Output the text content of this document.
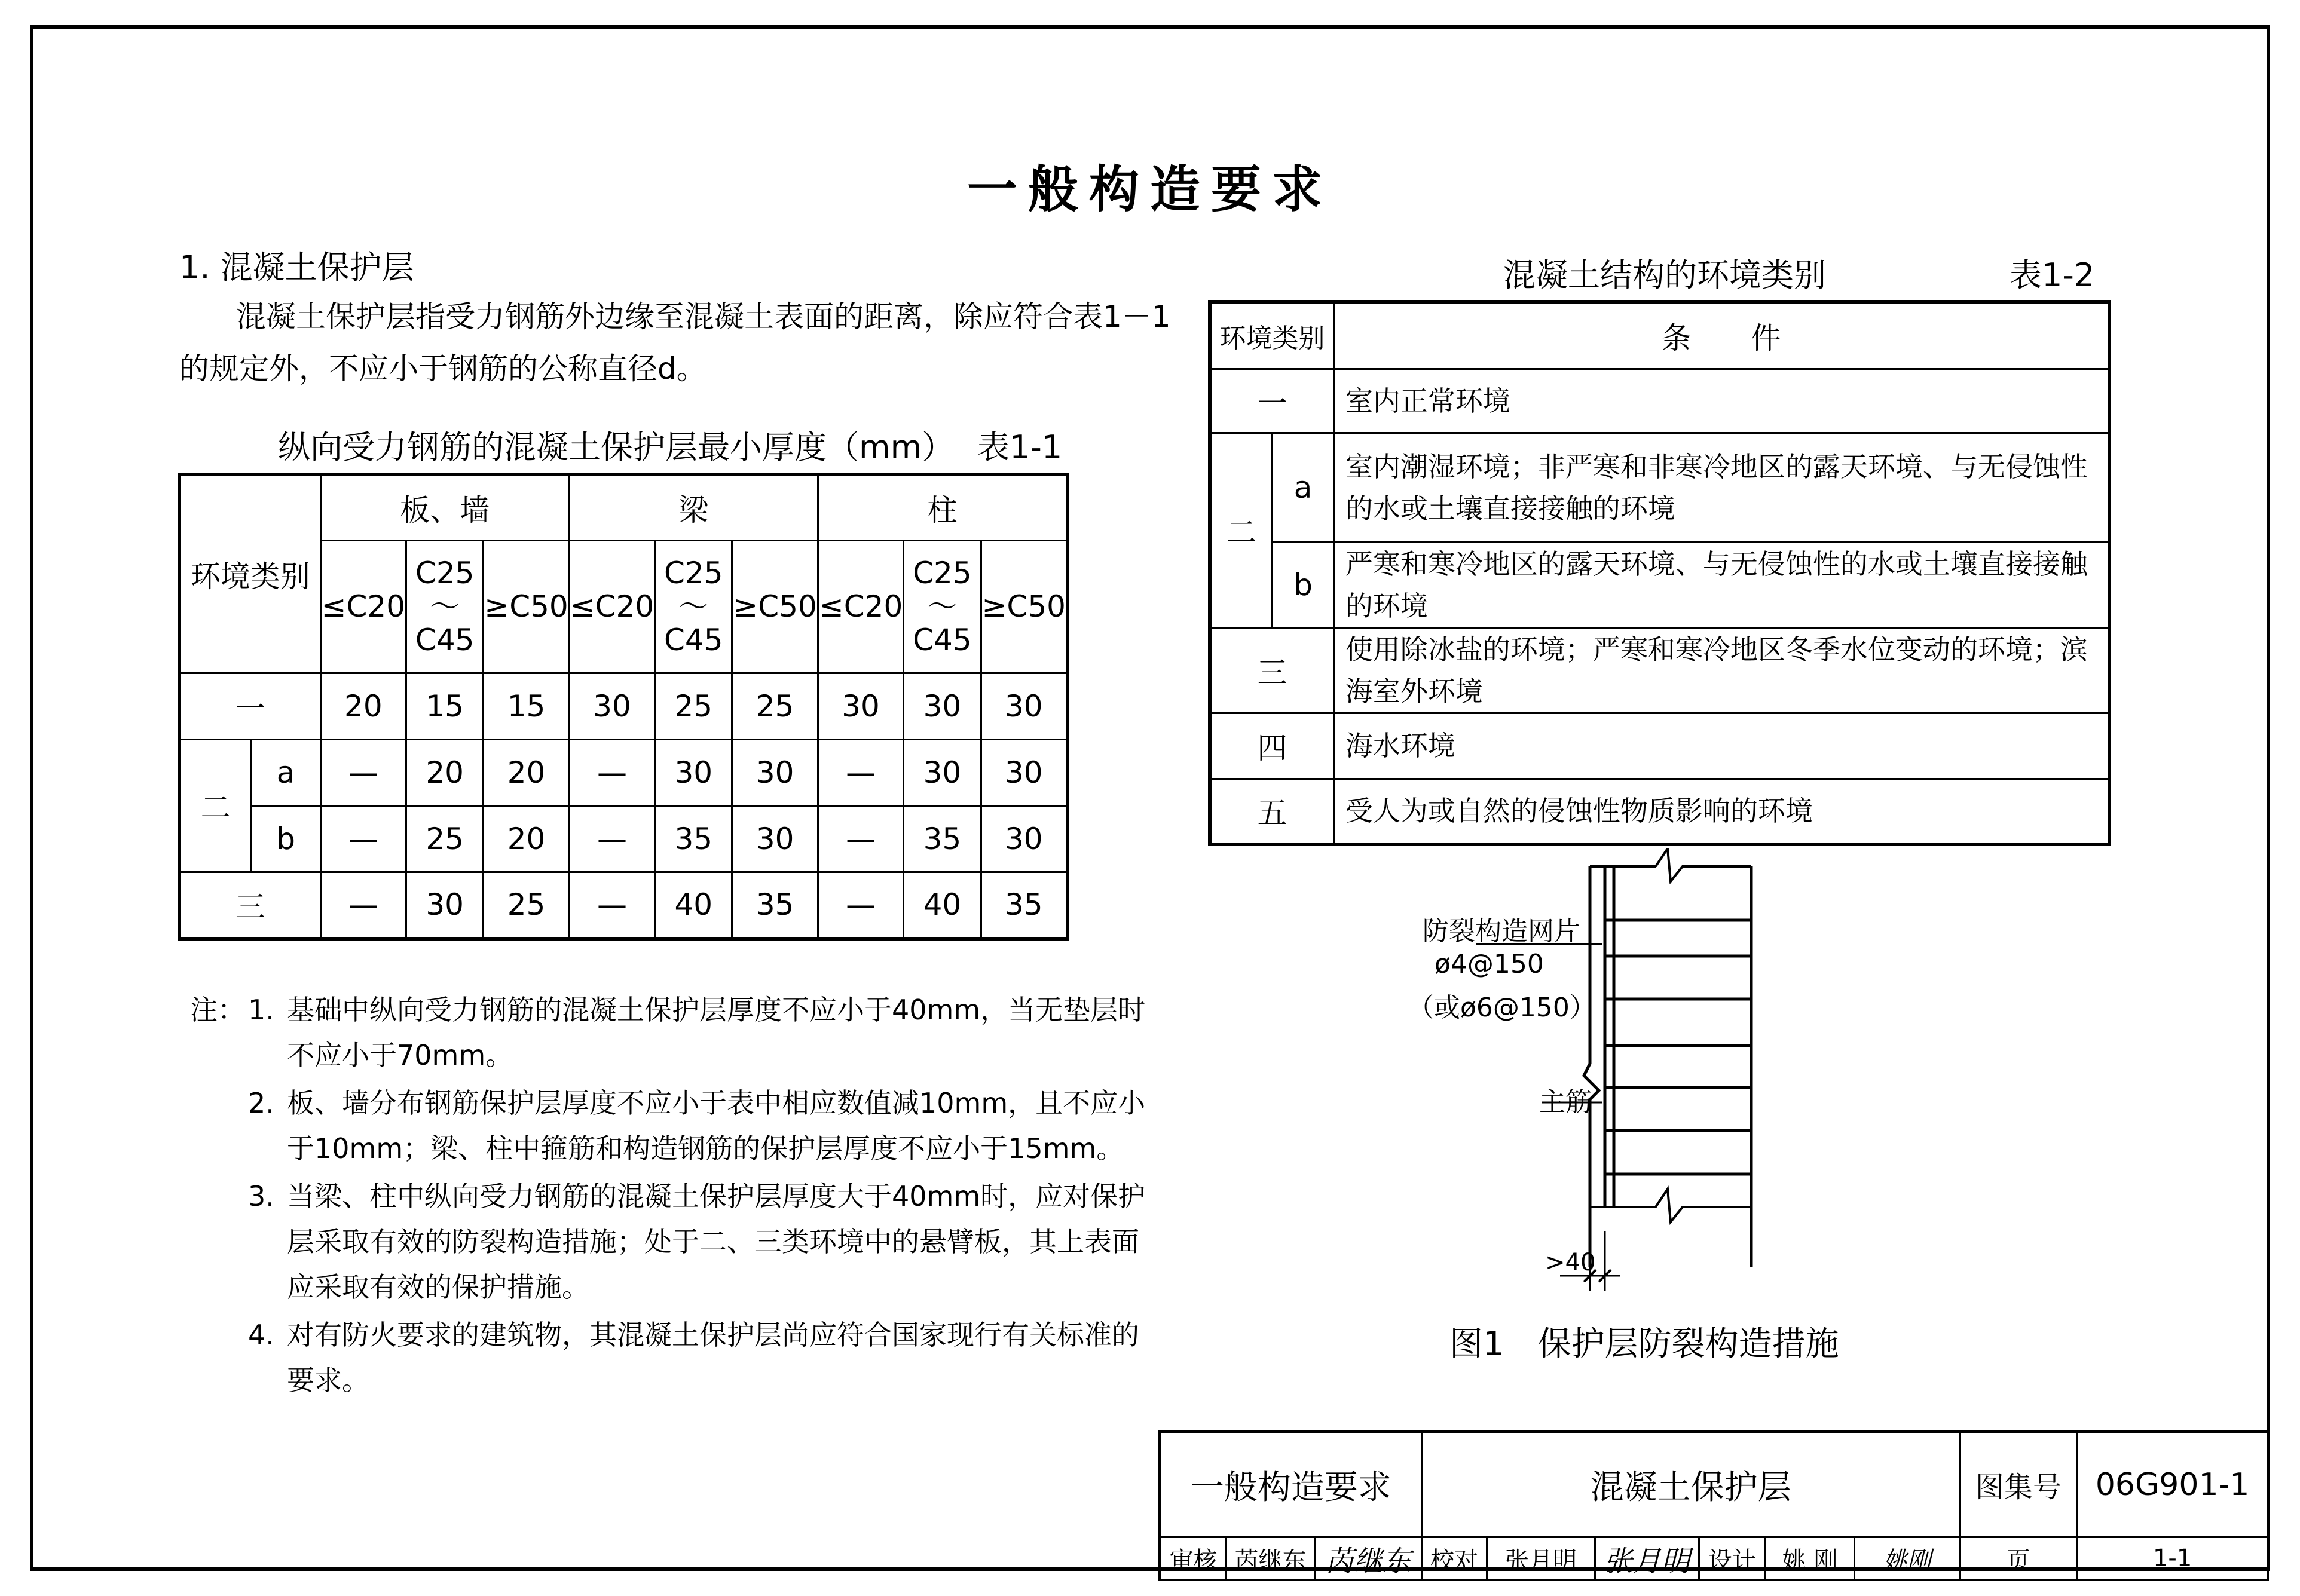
一般构造要求
1. 混凝土保护层
混凝土保护层指受力钢筋外边缘至混凝土表面的距离，除应符合表1－1
的规定外，不应小于钢筋的公称直径d。
纵向受力钢筋的混凝土保护层最小厚度（mm） 表1-1
环境类别		板、墙			梁			柱		
		≤C20	C25
～
C45	≥C50	≤C20	C25
～
C45	≥C50	≤C20	C25
～
C45	≥C50
一		20	15	15	30	25	25	30	30	30
二	a	—	20	20	—	30	30	—	30	30
	b	—	25	20	—	35	30	—	35	30
三		—	30	25	—	40	35	—	40	35
混凝土结构的环境类别	表1-2
环境类别		条　　件
一		室内正常环境
二	a	室内潮湿环境；非严寒和非寒冷地区的露天环境、与无侵蚀性的水或土壤直接接触的环境
	b	严寒和寒冷地区的露天环境、与无侵蚀性的水或土壤直接接触的环境
三		使用除冰盐的环境；严寒和寒冷地区冬季水位变动的环境；滨海室外环境
四		海水环境
五		受人为或自然的侵蚀性物质影响的环境
注： 1. 基础中纵向受力钢筋的混凝土保护层厚度不应小于40mm，当无垫层时
不应小于70mm。
2. 板、墙分布钢筋保护层厚度不应小于表中相应数值减10mm，且不应小
于10mm；梁、柱中箍筋和构造钢筋的保护层厚度不应小于15mm。
3. 当梁、柱中纵向受力钢筋的混凝土保护层厚度大于40mm时，应对保护
层采取有效的防裂构造措施；处于二、三类环境中的悬臂板，其上表面
应采取有效的保护措施。
4. 对有防火要求的建筑物，其混凝土保护层尚应符合国家现行有关标准的
要求。
防裂构造网片
ø4@150
（或ø6@150）
主筋
>40
图1　保护层防裂构造措施
一般构造要求			混凝土保护层						图集号	06G901-1
审核	芮继东	芮继东	校对	张月明	张月明	设计	姚 刚	姚刚	页	1-1
